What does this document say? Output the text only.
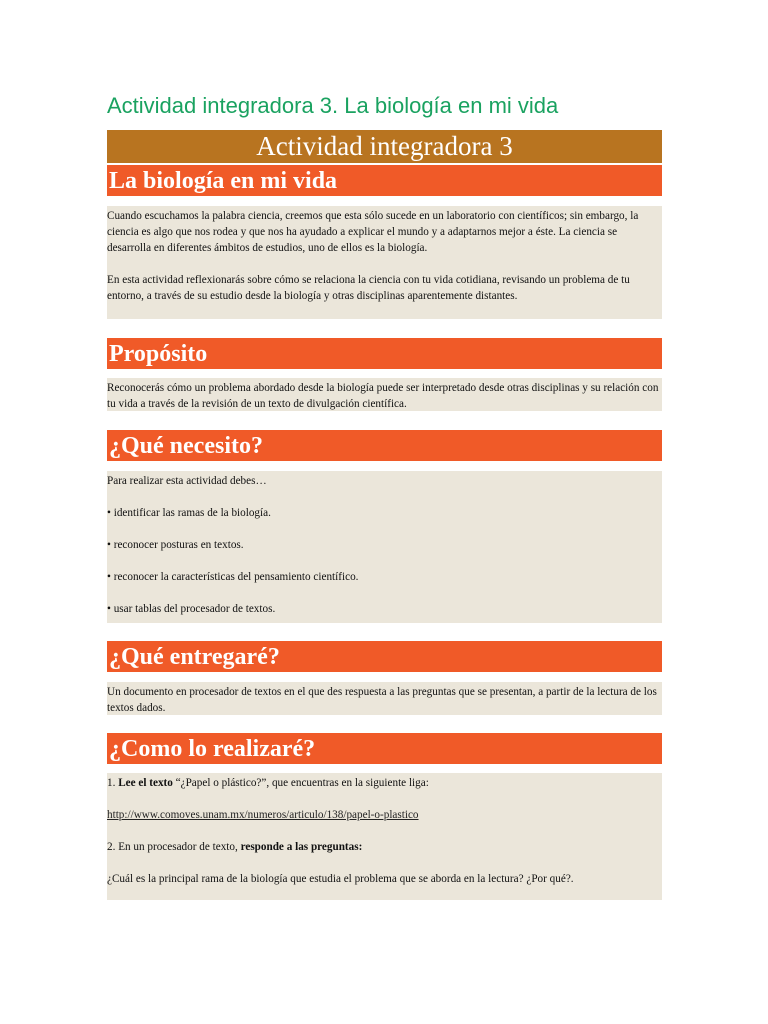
Actividad integradora 3. La biología en mi vida
Actividad integradora 3
La biología en mi vida

Cuando escuchamos la palabra ciencia, creemos que esta sólo sucede en un laboratorio con científicos; sin embargo, la ciencia es algo que nos rodea y que nos ha ayudado a explicar el mundo y a adaptarnos mejor a éste. La ciencia se desarrolla en diferentes ámbitos de estudios, uno de ellos es la biología.

En esta actividad reflexionarás sobre cómo se relaciona la ciencia con tu vida cotidiana, revisando un problema de tu entorno, a través de su estudio desde la biología y otras disciplinas aparentemente distantes.

Propósito

Reconocerás cómo un problema abordado desde la biología puede ser interpretado desde otras disciplinas y su relación con tu vida a través de la revisión de un texto de divulgación científica.

¿Qué necesito?

Para realizar esta actividad debes…

• identificar las ramas de la biología.

• reconocer posturas en textos.

• reconocer la características del pensamiento científico.

• usar tablas del procesador de textos.

¿Qué entregaré?

Un documento en procesador de textos en el que des respuesta a las preguntas que se presentan, a partir de la lectura de los textos dados.

¿Como lo realizaré?

1. Lee el texto “¿Papel o plástico?”, que encuentras en la siguiente liga:

http://www.comoves.unam.mx/numeros/articulo/138/papel-o-plastico

2. En un procesador de texto, responde a las preguntas:

¿Cuál es la principal rama de la biología que estudia el problema que se aborda en la lectura? ¿Por qué?.
